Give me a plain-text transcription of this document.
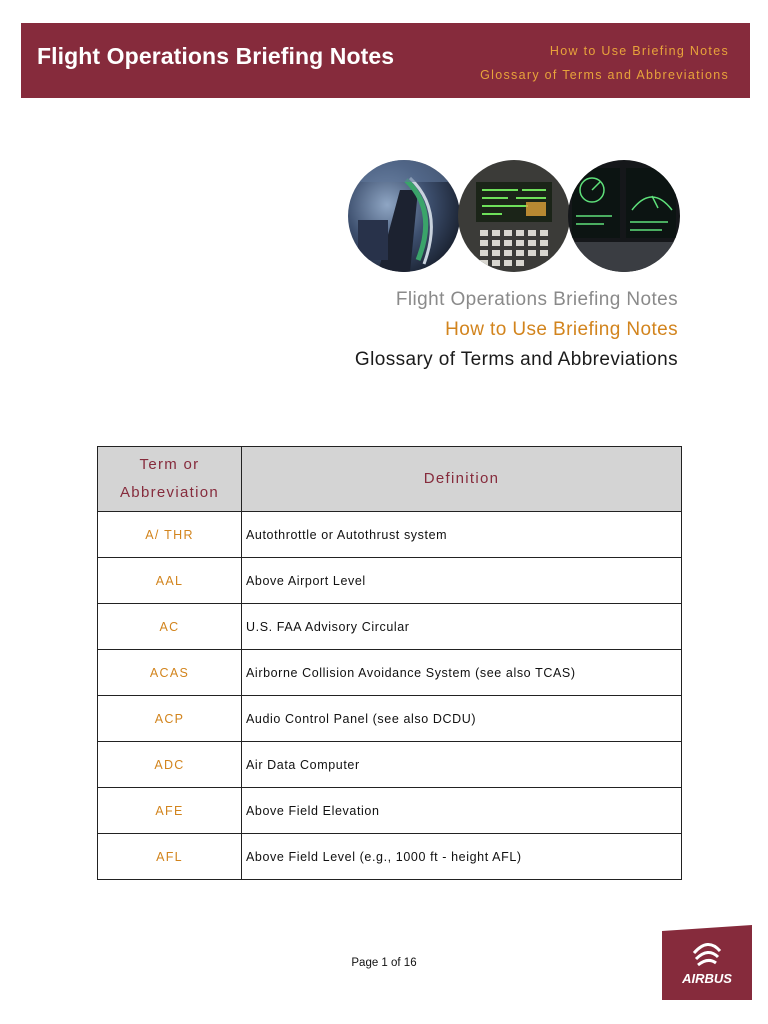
Flight Operations Briefing Notes	How to Use Briefing Notes
Glossary of Terms and Abbreviations
Flight Operations Briefing Notes
How to Use Briefing Notes
Glossary of Terms and Abbreviations
Term or Abbreviation	Definition
A/ THR	Autothrottle or Autothrust system
AAL	Above Airport Level
AC	U.S. FAA Advisory Circular
ACAS	Airborne Collision Avoidance System (see also TCAS)
ACP	Audio Control Panel (see also DCDU)
ADC	Air Data Computer
AFE	Above Field Elevation
AFL	Above Field Level (e.g., 1000 ft - height AFL)
Page 1 of 16
AIRBUS
